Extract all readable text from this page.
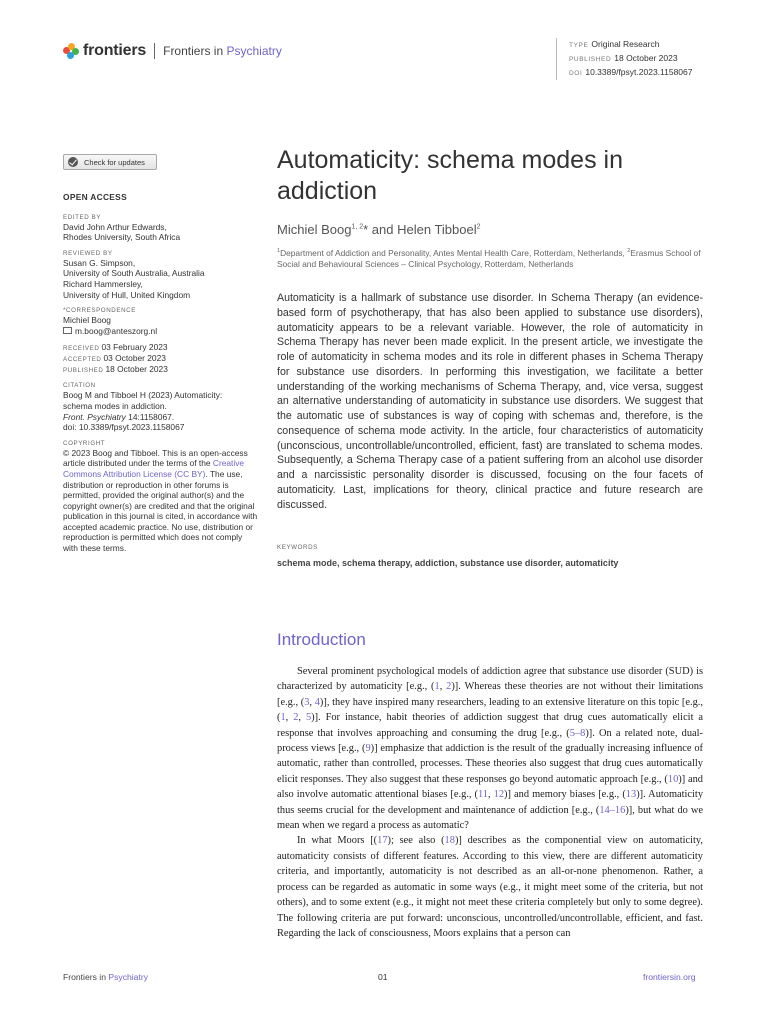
frontiers Frontiers in Psychiatry	TYPE Original Research
PUBLISHED 18 October 2023
DOI 10.3389/fpsyt.2023.1158067
Check for updates
OPEN ACCESS
EDITED BY
David John Arthur Edwards,
Rhodes University, South Africa
REVIEWED BY
Susan G. Simpson,
University of South Australia, Australia
Richard Hammersley,
University of Hull, United Kingdom
*CORRESPONDENCE
Michiel Boog
m.boog@anteszorg.nl
RECEIVED 03 February 2023
ACCEPTED 03 October 2023
PUBLISHED 18 October 2023
CITATION
Boog M and Tibboel H (2023) Automaticity:
schema modes in addiction.
Front. Psychiatry 14:1158067.
doi: 10.3389/fpsyt.2023.1158067
COPYRIGHT
© 2023 Boog and Tibboel. This is an open-access article distributed under the terms of the Creative Commons Attribution License (CC BY). The use, distribution or reproduction in other forums is permitted, provided the original author(s) and the copyright owner(s) are credited and that the original publication in this journal is cited, in accordance with accepted academic practice. No use, distribution or reproduction is permitted which does not comply with these terms.
Automaticity: schema modes in addiction
Michiel Boog$^{1, 2}$* and Helen Tibboel$^2$
$^1$Department of Addiction and Personality, Antes Mental Health Care, Rotterdam, Netherlands, $^2$Erasmus School of Social and Behavioural Sciences – Clinical Psychology, Rotterdam, Netherlands
Automaticity is a hallmark of substance use disorder. In Schema Therapy (an evidence-based form of psychotherapy, that has also been applied to substance use disorders), automaticity appears to be a relevant variable. However, the role of automaticity in Schema Therapy has never been made explicit. In the present article, we investigate the role of automaticity in schema modes and its role in different phases in Schema Therapy for substance use disorders. In performing this investigation, we facilitate a better understanding of the working mechanisms of Schema Therapy, and, vice versa, suggest an alternative understanding of automaticity in substance use disorders. We suggest that the automatic use of substances is way of coping with schemas and, therefore, is the consequence of schema mode activity. In the article, four characteristics of automaticity (unconscious, uncontrollable/uncontrolled, efficient, fast) are translated to schema modes. Subsequently, a Schema Therapy case of a patient suffering from an alcohol use disorder and a narcissistic personality disorder is discussed, focusing on the four facets of automaticity. Last, implications for theory, clinical practice and future research are discussed.
KEYWORDS
schema mode, schema therapy, addiction, substance use disorder, automaticity
Introduction

Several prominent psychological models of addiction agree that substance use disorder (SUD) is characterized by automaticity [e.g., (1, 2)]. Whereas these theories are not without their limitations [e.g., (3, 4)], they have inspired many researchers, leading to an extensive literature on this topic [e.g., (1, 2, 5)]. For instance, habit theories of addiction suggest that drug cues automatically elicit a response that involves approaching and consuming the drug [e.g., (5–8)]. On a related note, dual-process views [e.g., (9)] emphasize that addiction is the result of the gradually increasing influence of automatic, rather than controlled, processes. These theories also suggest that drug cues automatically elicit responses. They also suggest that these responses go beyond automatic approach [e.g., (10)] and also involve automatic attentional biases [e.g., (11, 12)] and memory biases [e.g., (13)]. Automaticity thus seems crucial for the development and maintenance of addiction [e.g., (14–16)], but what do we mean when we regard a process as automatic?

In what Moors [(17); see also (18)] describes as the componential view on automaticity, automaticity consists of different features. According to this view, there are different automaticity criteria, and importantly, automaticity is not described as an all-or-none phenomenon. Rather, a process can be regarded as automatic in some ways (e.g., it might meet some of the criteria, but not others), and to some extent (e.g., it might not meet these criteria completely but only to some degree). The following criteria are put forward: unconscious, uncontrolled/uncontrollable, efficient, and fast. Regarding the lack of consciousness, Moors explains that a person can

Frontiers in Psychiatry	01	frontiersin.org
